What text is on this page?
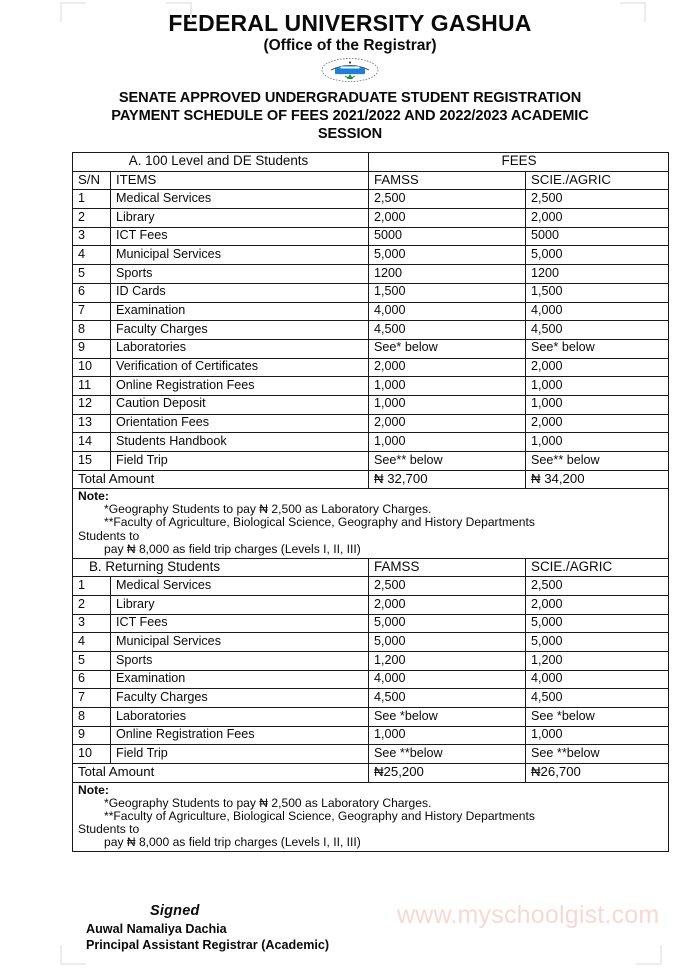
FEDERAL UNIVERSITY GASHUA
(Office of the Registrar)
SENATE APPROVED UNDERGRADUATE STUDENT REGISTRATION
PAYMENT SCHEDULE OF FEES 2021/2022 AND 2022/2023 ACADEMIC
SESSION
A. 100 Level and DE Students		FEES	
S/N	ITEMS	FAMSS	SCIE./AGRIC
1	Medical Services	2,500	2,500
2	Library	2,000	2,000
3	ICT Fees	5000	5000
4	Municipal Services	5,000	5,000
5	Sports	1200	1200
6	ID Cards	1,500	1,500
7	Examination	4,000	4,000
8	Faculty Charges	4,500	4,500
9	Laboratories	See* below	See* below
10	Verification of Certificates	2,000	2,000
11	Online Registration Fees	1,000	1,000
12	Caution Deposit	1,000	1,000
13	Orientation Fees	2,000	2,000
14	Students Handbook	1,000	1,000
15	Field Trip	See** below	See** below
Total Amount		₦ 32,700	₦ 34,200

Note:
*Geography Students to pay ₦ 2,500 as Laboratory Charges.
**Faculty of Agriculture, Biological Science, Geography and History Departments
Students to
pay ₦ 8,000 as field trip charges (Levels I, II, III)			

B. Returning Students		FAMSS	SCIE./AGRIC
1	Medical Services	2,500	2,500
2	Library	2,000	2,000
3	ICT Fees	5,000	5,000
4	Municipal Services	5,000	5,000
5	Sports	1,200	1,200
6	Examination	4,000	4,000
7	Faculty Charges	4,500	4,500
8	Laboratories	See *below	See *below
9	Online Registration Fees	1,000	1,000
10	Field Trip	See **below	See **below
Total Amount		₦25,200	₦26,700

Note:
*Geography Students to pay ₦ 2,500 as Laboratory Charges.
**Faculty of Agriculture, Biological Science, Geography and History Departments
Students to
pay ₦ 8,000 as field trip charges (Levels I, II, III)			
Signed
Auwal Namaliya Dachia
Principal Assistant Registrar (Academic)
www.myschoolgist.com
